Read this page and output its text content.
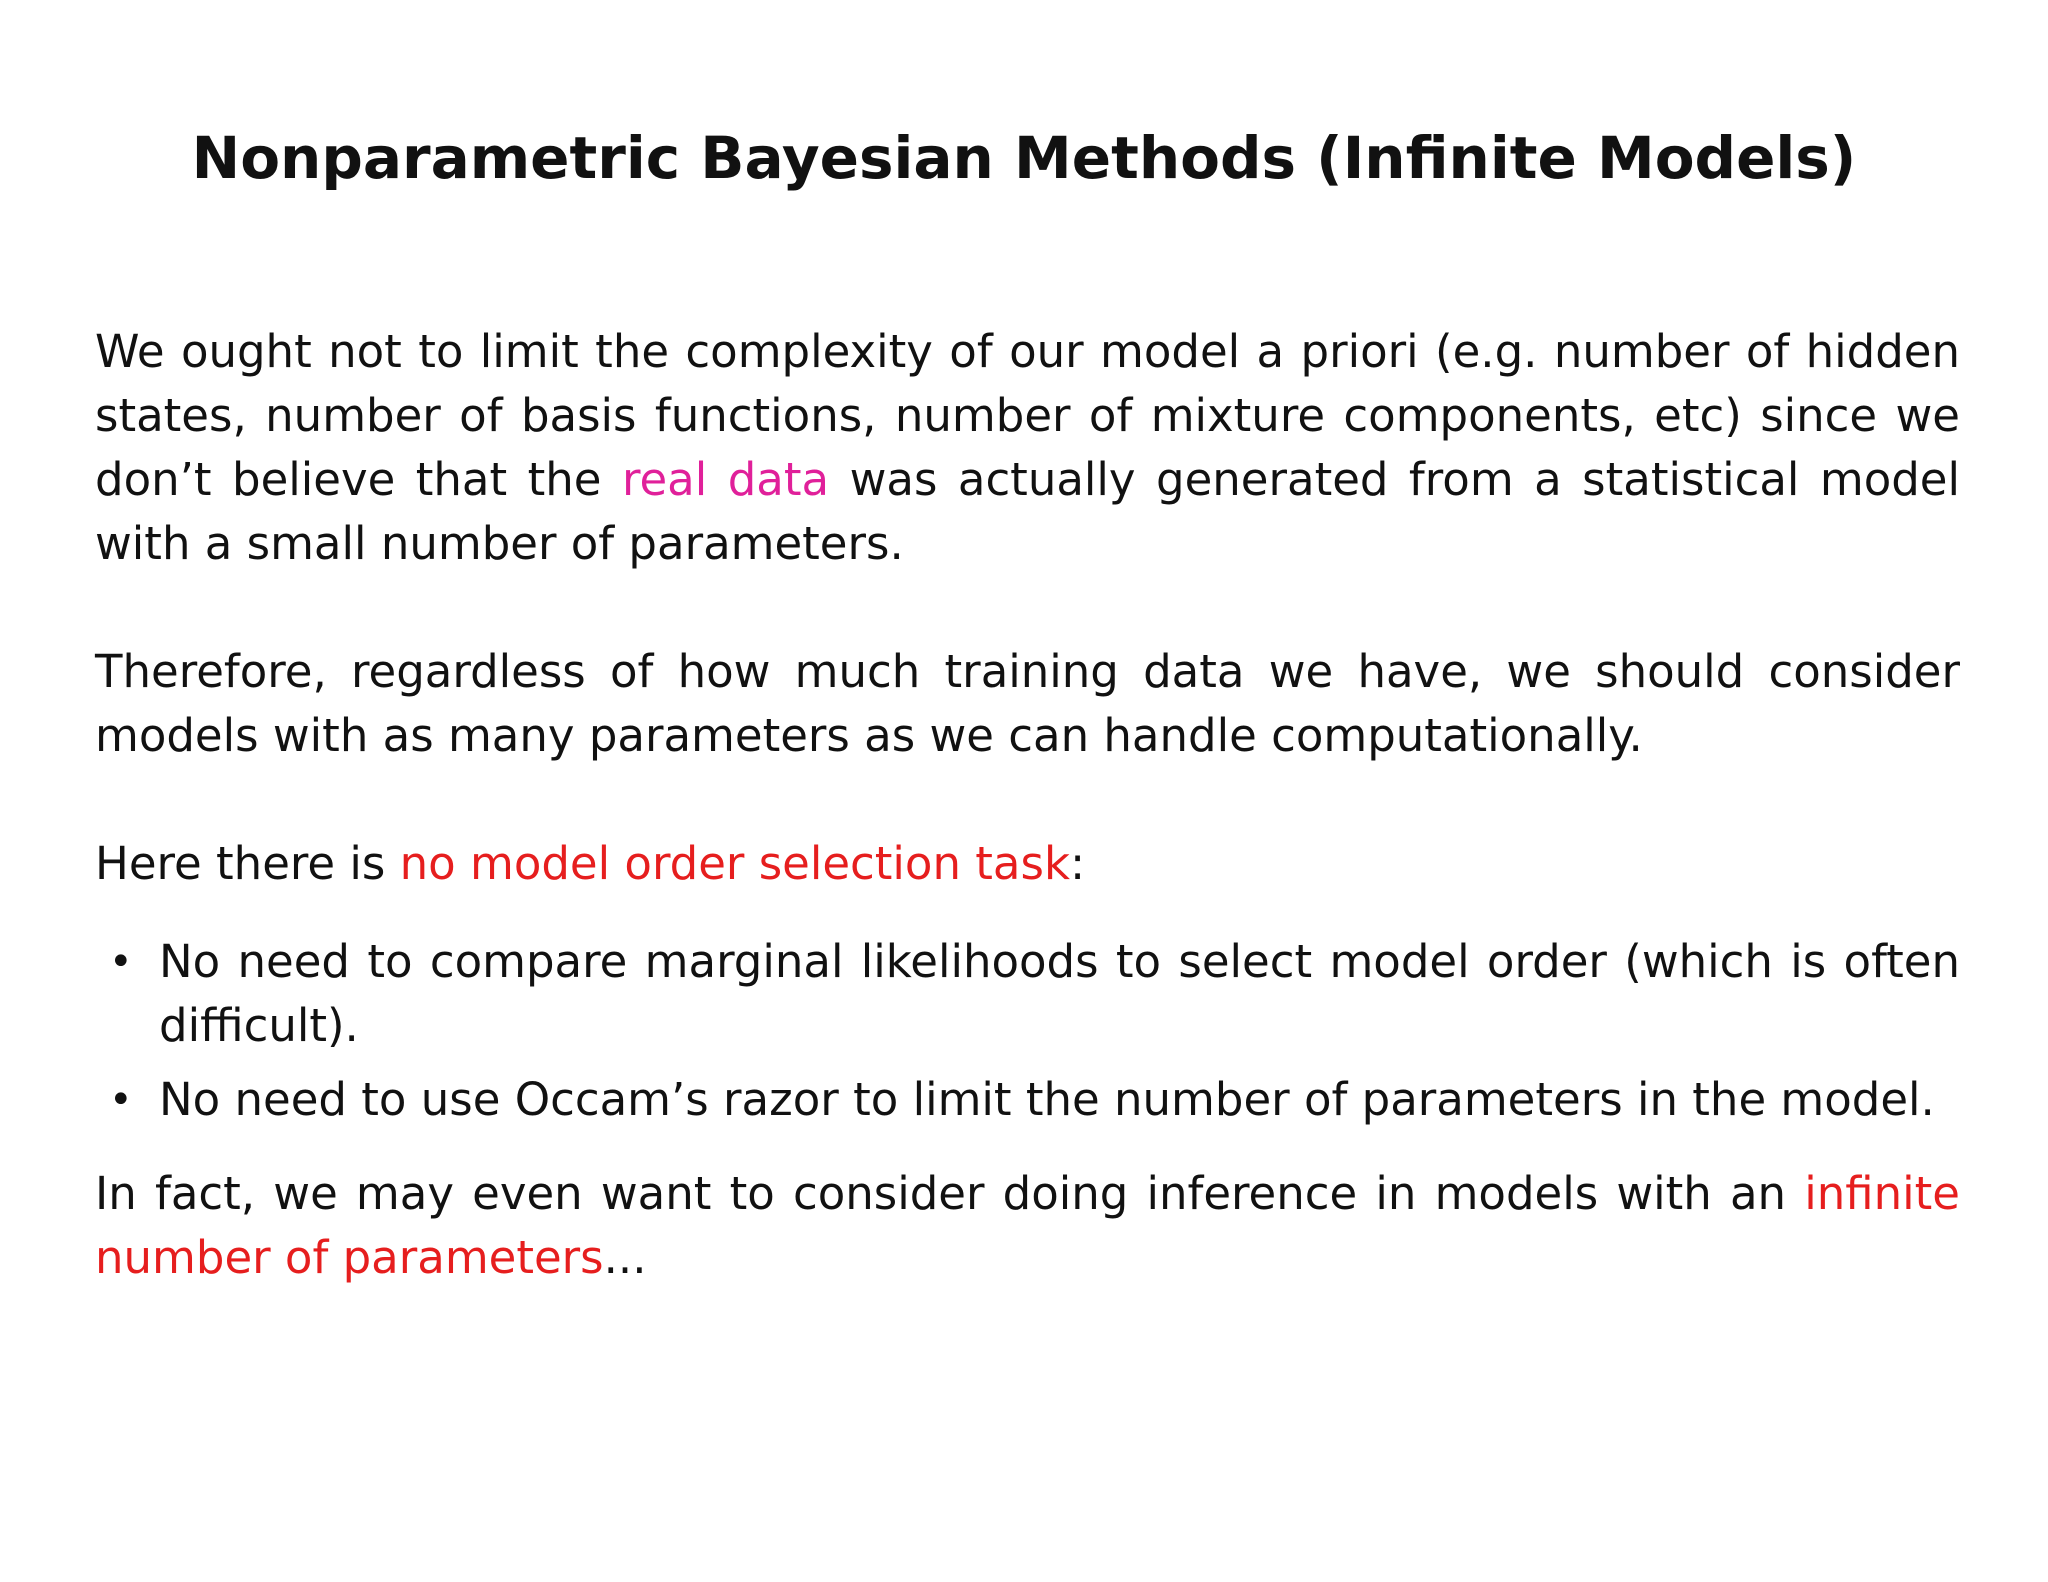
Nonparametric Bayesian Methods (Infinite Models)

We ought not to limit the complexity of our model a priori (e.g. number of hidden states, number of basis functions, number of mixture components, etc) since we don’t believe that the real data was actually generated from a statistical model with a small number of parameters.

Therefore, regardless of how much training data we have, we should consider models with as many parameters as we can handle computationally.

Here there is no model order selection task:

• No need to compare marginal likelihoods to select model order (which is often difficult).
• No need to use Occam’s razor to limit the number of parameters in the model.

In fact, we may even want to consider doing inference in models with an infinite number of parameters...
